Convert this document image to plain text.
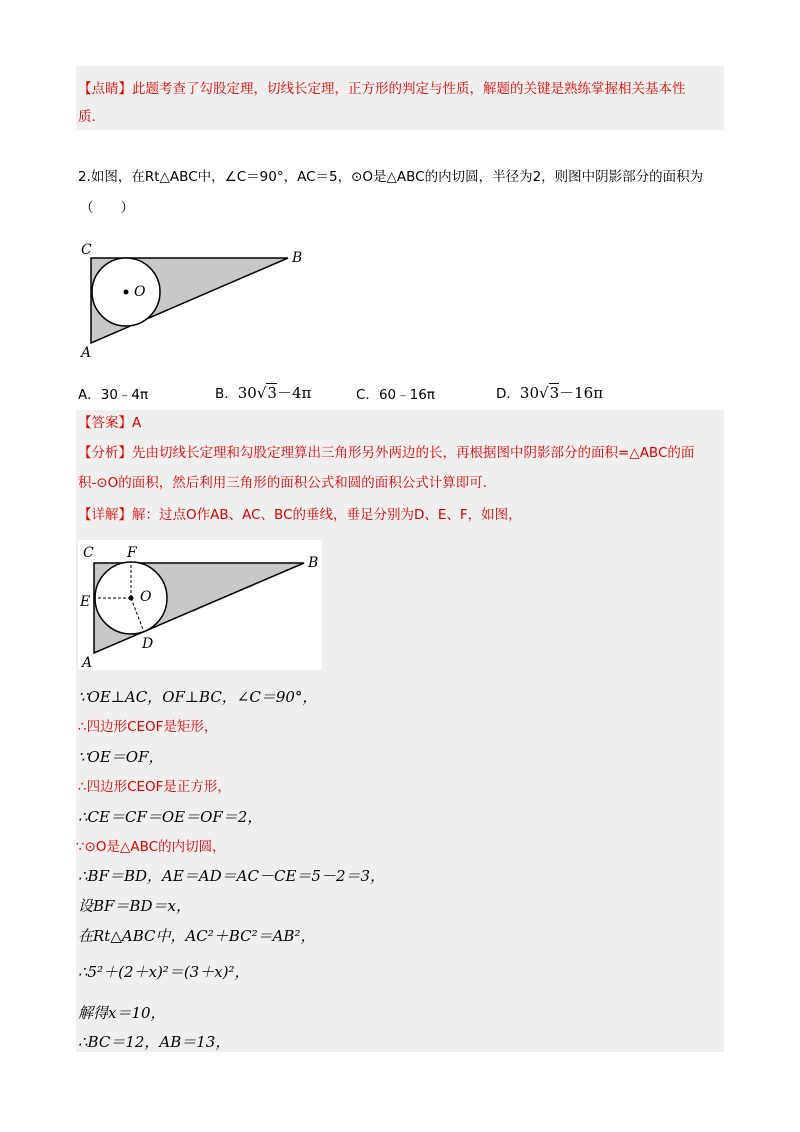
【点睛】此题考查了勾股定理，切线长定理，正方形的判定与性质，解题的关键是熟练掌握相关基本性
质．
2.如图，在Rt△ABC中，∠C＝90°，AC＝5，⊙O是△ABC的内切圆，半径为2，则图中阴影部分的面积为
（　　）
C	B
A
O
A．30﹣4π	B．30√3－4π	C．60﹣16π	D．30√3－16π
【答案】A
【分析】先由切线长定理和勾股定理算出三角形另外两边的长，再根据图中阴影部分的面积=△ABC的面
积-⊙O的面积，然后利用三角形的面积公式和圆的面积公式计算即可．
【详解】解：过点O作AB、AC、BC的垂线，垂足分别为D、E、F，如图，
C F
B
E	O
D
A
∵OE⊥AC，OF⊥BC，∠C＝90°，
∴四边形CEOF是矩形，
∵OE＝OF，
∴四边形CEOF是正方形，
∴CE＝CF＝OE＝OF＝2，
∵⊙O是△ABC的内切圆，
∴BF＝BD，AE＝AD＝AC－CE＝5－2＝3，
设BF＝BD＝x，
在Rt△ABC中，AC²＋BC²＝AB²，
∴5²＋(2＋x)²＝(3＋x)²，
解得x＝10，
∴BC＝12，AB＝13，
